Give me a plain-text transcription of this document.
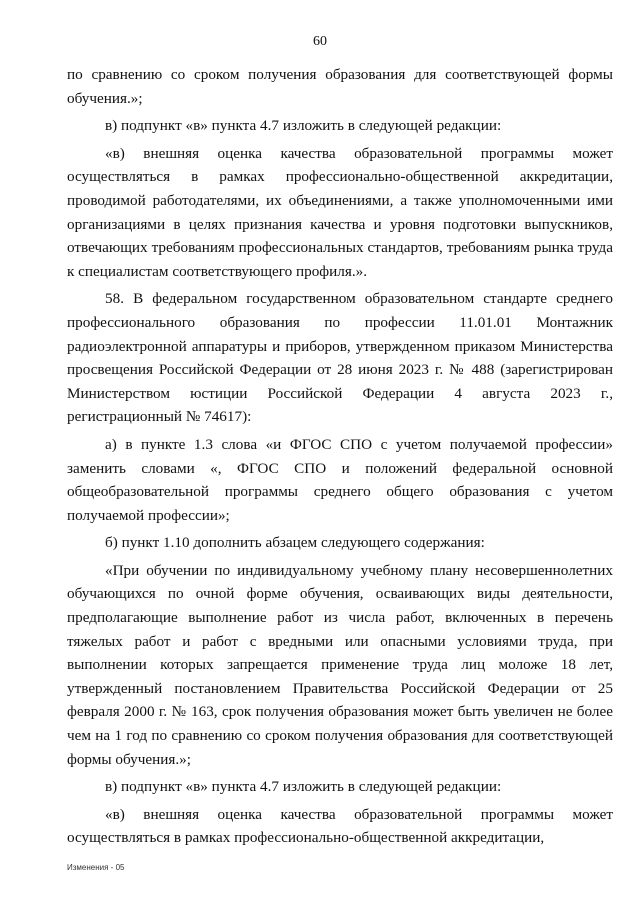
60

по сравнению со сроком получения образования для соответствующей формы обучения.»;

в) подпункт «в» пункта 4.7 изложить в следующей редакции:

«в) внешняя оценка качества образовательной программы может осуществляться в рамках профессионально-общественной аккредитации, проводимой работодателями, их объединениями, а также уполномоченными ими организациями в целях признания качества и уровня подготовки выпускников, отвечающих требованиям профессиональных стандартов, требованиям рынка труда к специалистам соответствующего профиля.».

58. В федеральном государственном образовательном стандарте среднего профессионального образования по профессии 11.01.01 Монтажник радиоэлектронной аппаратуры и приборов, утвержденном приказом Министерства просвещения Российской Федерации от 28 июня 2023 г. № 488 (зарегистрирован Министерством юстиции Российской Федерации 4 августа 2023 г., регистрационный № 74617):

а) в пункте 1.3 слова «и ФГОС СПО с учетом получаемой профессии» заменить словами «, ФГОС СПО и положений федеральной основной общеобразовательной программы среднего общего образования с учетом получаемой профессии»;

б) пункт 1.10 дополнить абзацем следующего содержания:

«При обучении по индивидуальному учебному плану несовершеннолетних обучающихся по очной форме обучения, осваивающих виды деятельности, предполагающие выполнение работ из числа работ, включенных в перечень тяжелых работ и работ с вредными или опасными условиями труда, при выполнении которых запрещается применение труда лиц моложе 18 лет, утвержденный постановлением Правительства Российской Федерации от 25 февраля 2000 г. № 163, срок получения образования может быть увеличен не более чем на 1 год по сравнению со сроком получения образования для соответствующей формы обучения.»;

в) подпункт «в» пункта 4.7 изложить в следующей редакции:

«в) внешняя оценка качества образовательной программы может осуществляться в рамках профессионально-общественной аккредитации,

Изменения - 05
